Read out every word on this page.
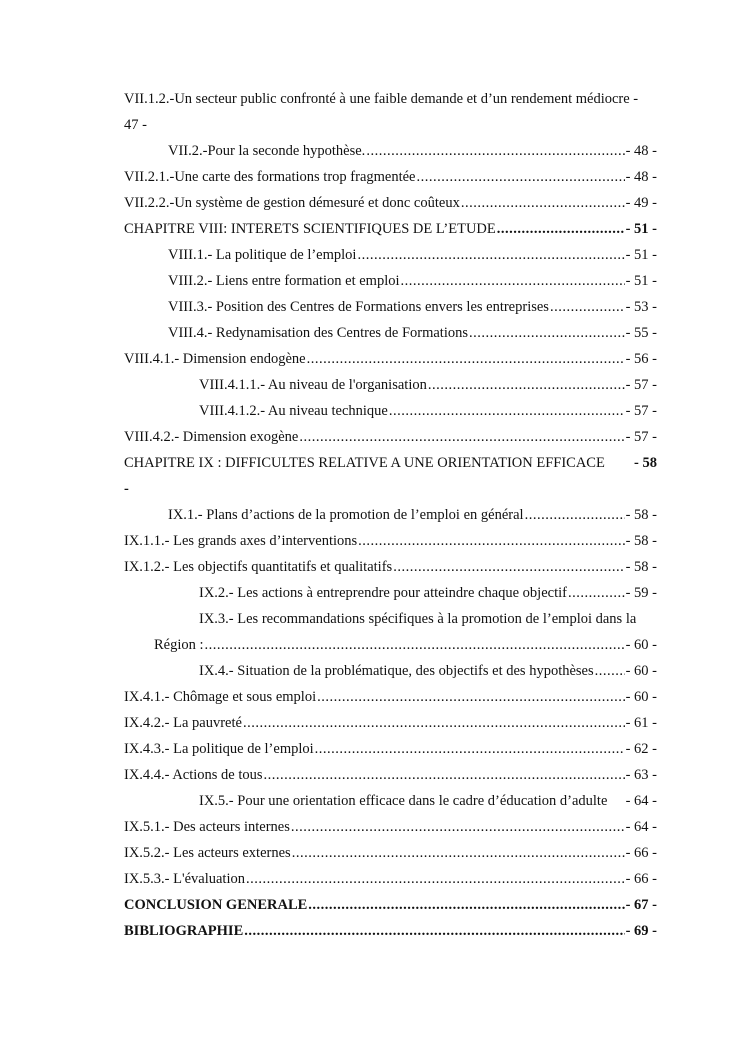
VII.1.2.-Un secteur public confronté à une faible demande et d’un rendement médiocre -
47 -
VII.2.-Pour la seconde hypothèse. .....	- 48 -
VII.2.1.-Une carte des formations trop fragmentée .....	- 48 -
VII.2.2.-Un système de gestion démesuré et donc coûteux .....	- 49 -
CHAPITRE VIII: INTERETS SCIENTIFIQUES DE L’ETUDE .....	- 51 -
VIII.1.- La politique de l’emploi .....	- 51 -
VIII.2.- Liens entre formation et emploi .....	- 51 -
VIII.3.- Position des Centres de Formations envers les entreprises .....	- 53 -
VIII.4.- Redynamisation des Centres de Formations .....	- 55 -
VIII.4.1.- Dimension endogène .....	- 56 -
VIII.4.1.1.- Au niveau de l'organisation .....	- 57 -
VIII.4.1.2.- Au niveau technique .....	- 57 -
VIII.4.2.- Dimension exogène .....	- 57 -
CHAPITRE IX : DIFFICULTES RELATIVE A UNE ORIENTATION EFFICACE - 58
-
IX.1.- Plans d’actions de la promotion de l’emploi en général .....	- 58 -
IX.1.1.- Les grands axes d’interventions .....	- 58 -
IX.1.2.- Les objectifs quantitatifs et qualitatifs .....	- 58 -
IX.2.- Les actions à entreprendre pour atteindre chaque objectif .....	- 59 -
IX.3.- Les recommandations spécifiques à la promotion de l’emploi dans la
Région : .....	- 60 -
IX.4.- Situation de la problématique, des objectifs et des hypothèses ..... - 60 -
IX.4.1.- Chômage et sous emploi .....	- 60 -
IX.4.2.- La pauvreté .....	- 61 -
IX.4.3.- La politique de l’emploi .....	- 62 -
IX.4.4.- Actions de tous .....	- 63 -
IX.5.- Pour une orientation efficace dans le cadre d’éducation d’adulte - 64 -
IX.5.1.- Des acteurs internes .....	- 64 -
IX.5.2.- Les acteurs externes .....	- 66 -
IX.5.3.- L'évaluation .....	- 66 -
CONCLUSION GENERALE .....	- 67 -
BIBLIOGRAPHIE .....	- 69 -
